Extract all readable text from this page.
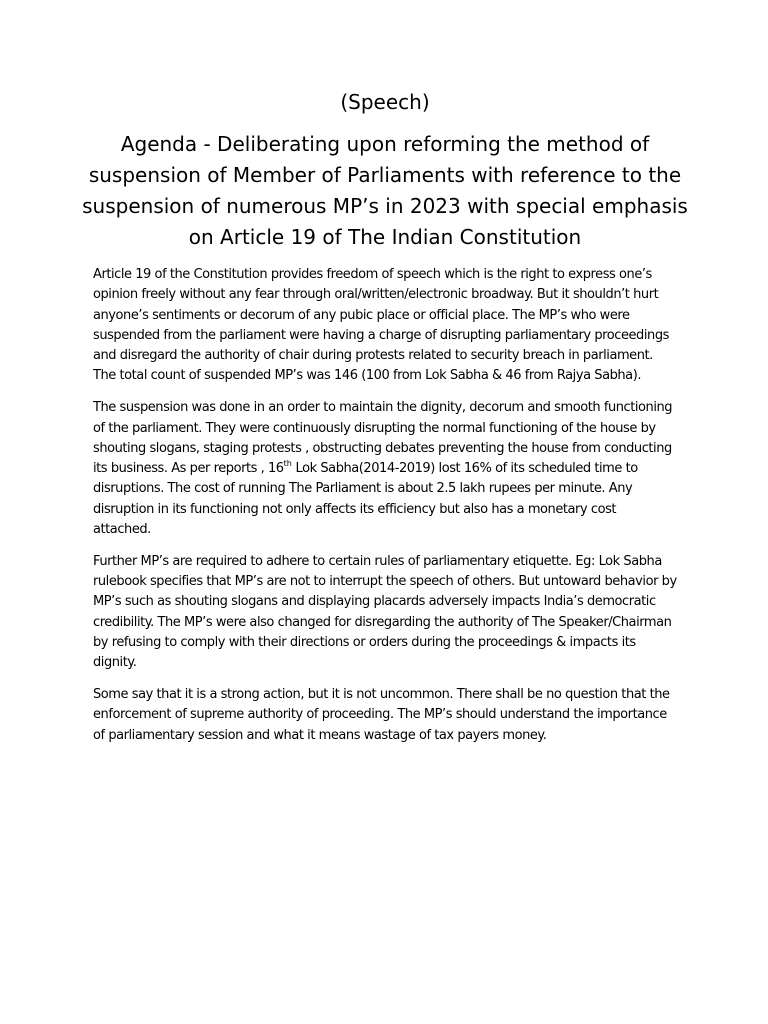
(Speech)
Agenda - Deliberating upon reforming the method of suspension of Member of Parliaments with reference to the suspension of numerous MP’s in 2023 with special emphasis on Article 19 of The Indian Constitution

Article 19 of the Constitution provides freedom of speech which is the right to express one’s opinion freely without any fear through oral/written/electronic broadway. But it shouldn’t hurt anyone’s sentiments or decorum of any pubic place or official place. The MP’s who were suspended from the parliament were having a charge of disrupting parliamentary proceedings and disregard the authority of chair during protests related to security breach in parliament. The total count of suspended MP’s was 146 (100 from Lok Sabha & 46 from Rajya Sabha).

The suspension was done in an order to maintain the dignity, decorum and smooth functioning of the parliament. They were continuously disrupting the normal functioning of the house by shouting slogans, staging protests , obstructing debates preventing the house from conducting its business. As per reports , 16th Lok Sabha(2014-2019) lost 16% of its scheduled time to disruptions. The cost of running The Parliament is about 2.5 lakh rupees per minute. Any disruption in its functioning not only affects its efficiency but also has a monetary cost attached.

Further MP’s are required to adhere to certain rules of parliamentary etiquette. Eg: Lok Sabha rulebook specifies that MP’s are not to interrupt the speech of others. But untoward behavior by MP’s such as shouting slogans and displaying placards adversely impacts India’s democratic credibility. The MP’s were also changed for disregarding the authority of The Speaker/Chairman by refusing to comply with their directions or orders during the proceedings & impacts its dignity.

Some say that it is a strong action, but it is not uncommon. There shall be no question that the enforcement of supreme authority of proceeding. The MP’s should understand the importance of parliamentary session and what it means wastage of tax payers money.
